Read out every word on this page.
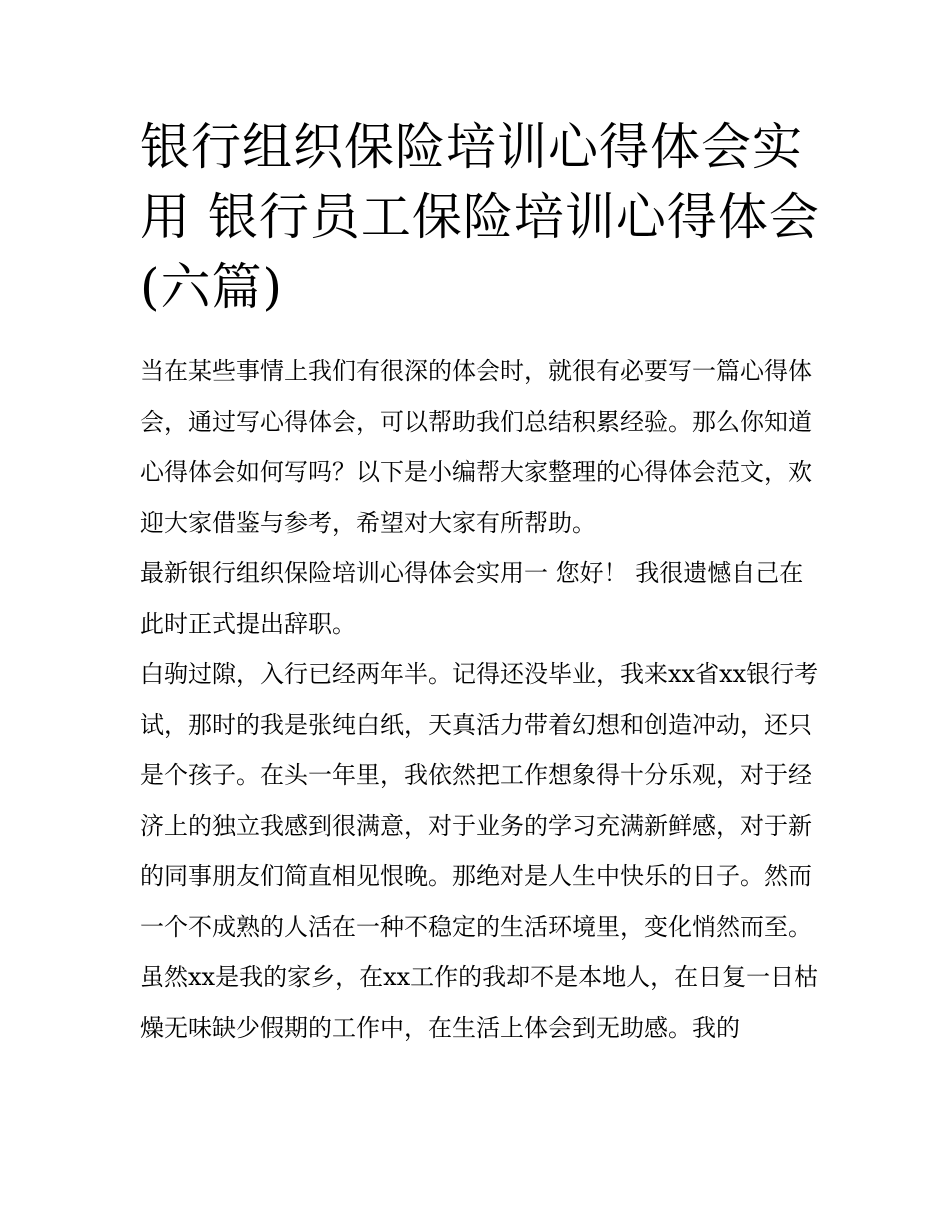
银行组织保险培训心得体会实用 银行员工保险培训心得体会(六篇)

当在某些事情上我们有很深的体会时，就很有必要写一篇心得体会，通过写心得体会，可以帮助我们总结积累经验。那么你知道心得体会如何写吗？以下是小编帮大家整理的心得体会范文，欢迎大家借鉴与参考，希望对大家有所帮助。

最新银行组织保险培训心得体会实用一 您好！ 我很遗憾自己在此时正式提出辞职。

白驹过隙，入行已经两年半。记得还没毕业，我来xx省xx银行考试，那时的我是张纯白纸，天真活力带着幻想和创造冲动，还只是个孩子。在头一年里，我依然把工作想象得十分乐观，对于经济上的独立我感到很满意，对于业务的学习充满新鲜感，对于新的同事朋友们简直相见恨晚。那绝对是人生中快乐的日子。然而一个不成熟的人活在一种不稳定的生活环境里，变化悄然而至。

虽然xx是我的家乡，在xx工作的我却不是本地人，在日复一日枯燥无味缺少假期的工作中，在生活上体会到无助感。我的
